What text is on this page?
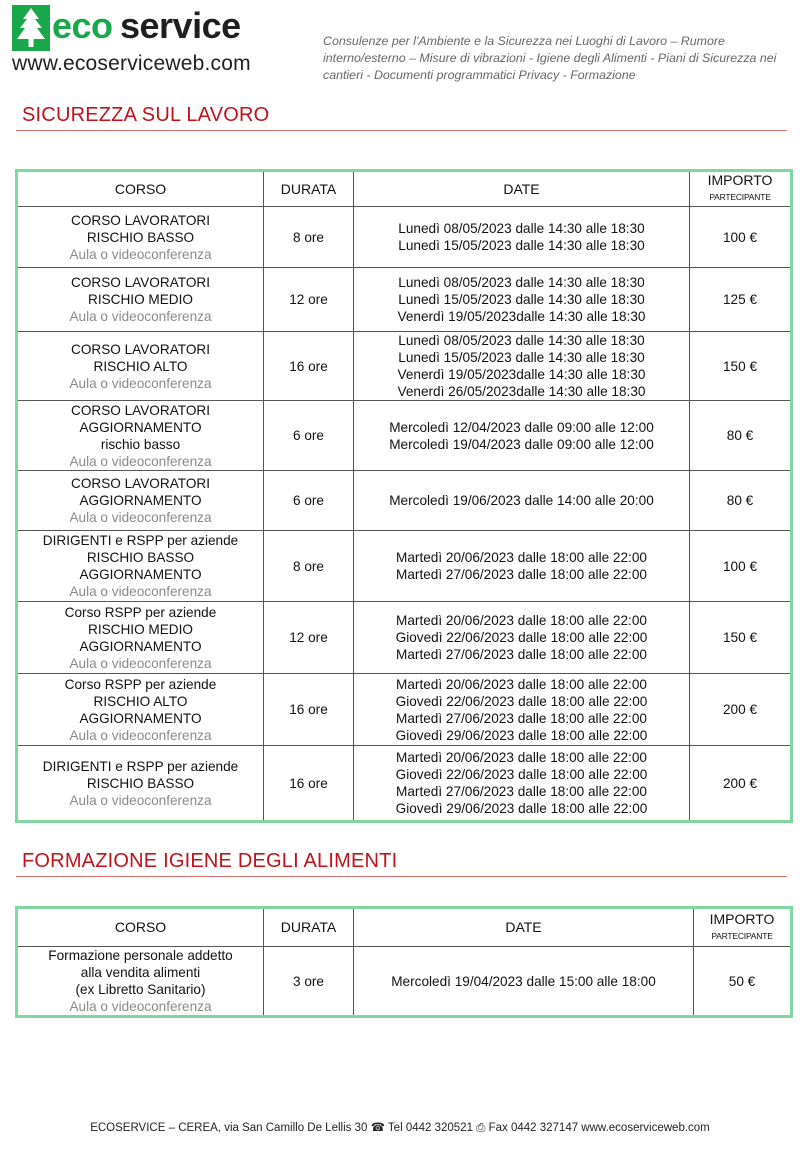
eco service
www.ecoserviceweb.com
Consulenze per l'Ambiente e la Sicurezza nei Luoghi di Lavoro – Rumore interno/esterno – Misure di vibrazioni - Igiene degli Alimenti - Piani di Sicurezza nei cantieri - Documenti programmatici Privacy - Formazione
SICUREZZA SUL LAVORO
CORSO	DURATA	DATE	IMPORTO
PARTECIPANTE

CORSO LAVORATORI
RISCHIO BASSO
Aula o videoconferenza	8 ore	Lunedì 08/05/2023 dalle 14:30 alle 18:30
Lunedì 15/05/2023 dalle 14:30 alle 18:30	100 €

CORSO LAVORATORI
RISCHIO MEDIO
Aula o videoconferenza	12 ore	Lunedì 08/05/2023 dalle 14:30 alle 18:30
Lunedì 15/05/2023 dalle 14:30 alle 18:30
Venerdì 19/05/2023dalle 14:30 alle 18:30	125 €

CORSO LAVORATORI
RISCHIO ALTO
Aula o videoconferenza	16 ore	Lunedì 08/05/2023 dalle 14:30 alle 18:30
Lunedì 15/05/2023 dalle 14:30 alle 18:30
Venerdì 19/05/2023dalle 14:30 alle 18:30
Venerdì 26/05/2023dalle 14:30 alle 18:30	150 €

CORSO LAVORATORI
AGGIORNAMENTO
rischio basso
Aula o videoconferenza	6 ore	Mercoledì 12/04/2023 dalle 09:00 alle 12:00
Mercoledì 19/04/2023 dalle 09:00 alle 12:00	80 €

CORSO LAVORATORI
AGGIORNAMENTO
Aula o videoconferenza	6 ore	Mercoledì 19/06/2023 dalle 14:00 alle 20:00	80 €

DIRIGENTI e RSPP per aziende
RISCHIO BASSO
AGGIORNAMENTO
Aula o videoconferenza	8 ore	Martedì 20/06/2023 dalle 18:00 alle 22:00
Martedì 27/06/2023 dalle 18:00 alle 22:00	100 €

Corso RSPP per aziende
RISCHIO MEDIO
AGGIORNAMENTO
Aula o videoconferenza	12 ore	Martedì 20/06/2023 dalle 18:00 alle 22:00
Giovedì 22/06/2023 dalle 18:00 alle 22:00
Martedì 27/06/2023 dalle 18:00 alle 22:00	150 €

Corso RSPP per aziende
RISCHIO ALTO
AGGIORNAMENTO
Aula o videoconferenza	16 ore	Martedì 20/06/2023 dalle 18:00 alle 22:00
Giovedì 22/06/2023 dalle 18:00 alle 22:00
Martedì 27/06/2023 dalle 18:00 alle 22:00
Giovedì 29/06/2023 dalle 18:00 alle 22:00	200 €

DIRIGENTI e RSPP per aziende
RISCHIO BASSO
Aula o videoconferenza	16 ore	Martedì 20/06/2023 dalle 18:00 alle 22:00
Giovedì 22/06/2023 dalle 18:00 alle 22:00
Martedì 27/06/2023 dalle 18:00 alle 22:00
Giovedì 29/06/2023 dalle 18:00 alle 22:00	200 €
FORMAZIONE IGIENE DEGLI ALIMENTI
CORSO	DURATA	DATE	IMPORTO
PARTECIPANTE

Formazione personale addetto
alla vendita alimenti
(ex Libretto Sanitario)
Aula o videoconferenza	3 ore	Mercoledì 19/04/2023 dalle 15:00 alle 18:00	50 €
ECOSERVICE – CEREA, via San Camillo De Lellis 30 ☎ Tel 0442 320521 ⎙ Fax 0442 327147 www.ecoserviceweb.com
